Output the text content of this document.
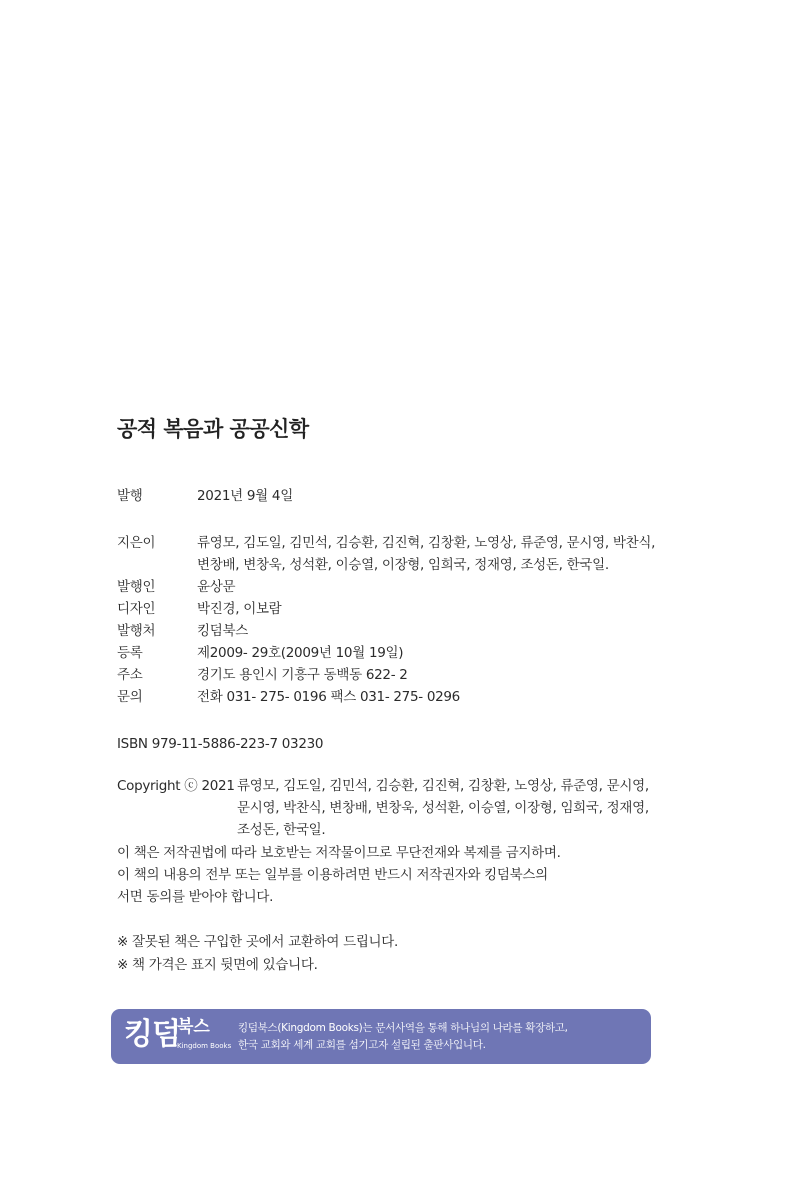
공적 복음과 공공신학
발행	2021년 9월 4일
지은이	류영모, 김도일, 김민석, 김승환, 김진혁, 김창환, 노영상, 류준영, 문시영, 박찬식,
변창배, 변창욱, 성석환, 이승열, 이장형, 임희국, 정재영, 조성돈, 한국일.
발행인	윤상문
디자인	박진경, 이보람
발행처	킹덤북스
등록	제2009- 29호(2009년 10월 19일)
주소	경기도 용인시 기흥구 동백동 622- 2
문의	전화 031- 275- 0196 팩스 031- 275- 0296
ISBN 979-11-5886-223-7 03230
Copyright ⓒ 2021 류영모, 김도일, 김민석, 김승환, 김진혁, 김창환, 노영상, 류준영, 문시영,
문시영, 박찬식, 변창배, 변창욱, 성석환, 이승열, 이장형, 임희국, 정재영,
조성돈, 한국일.
이 책은 저작권법에 따라 보호받는 저작물이므로 무단전재와 복제를 금지하며.
이 책의 내용의 전부 또는 일부를 이용하려면 반드시 저작권자와 킹덤북스의
서면 동의를 받아야 합니다.
※ 잘못된 책은 구입한 곳에서 교환하여 드립니다.
※ 책 가격은 표지 뒷면에 있습니다.
킹덤
북스
Kingdom Books
킹덤북스(Kingdom Books)는 문서사역을 통해 하나님의 나라를 확장하고,
한국 교회와 세계 교회를 섬기고자 설립된 출판사입니다.
